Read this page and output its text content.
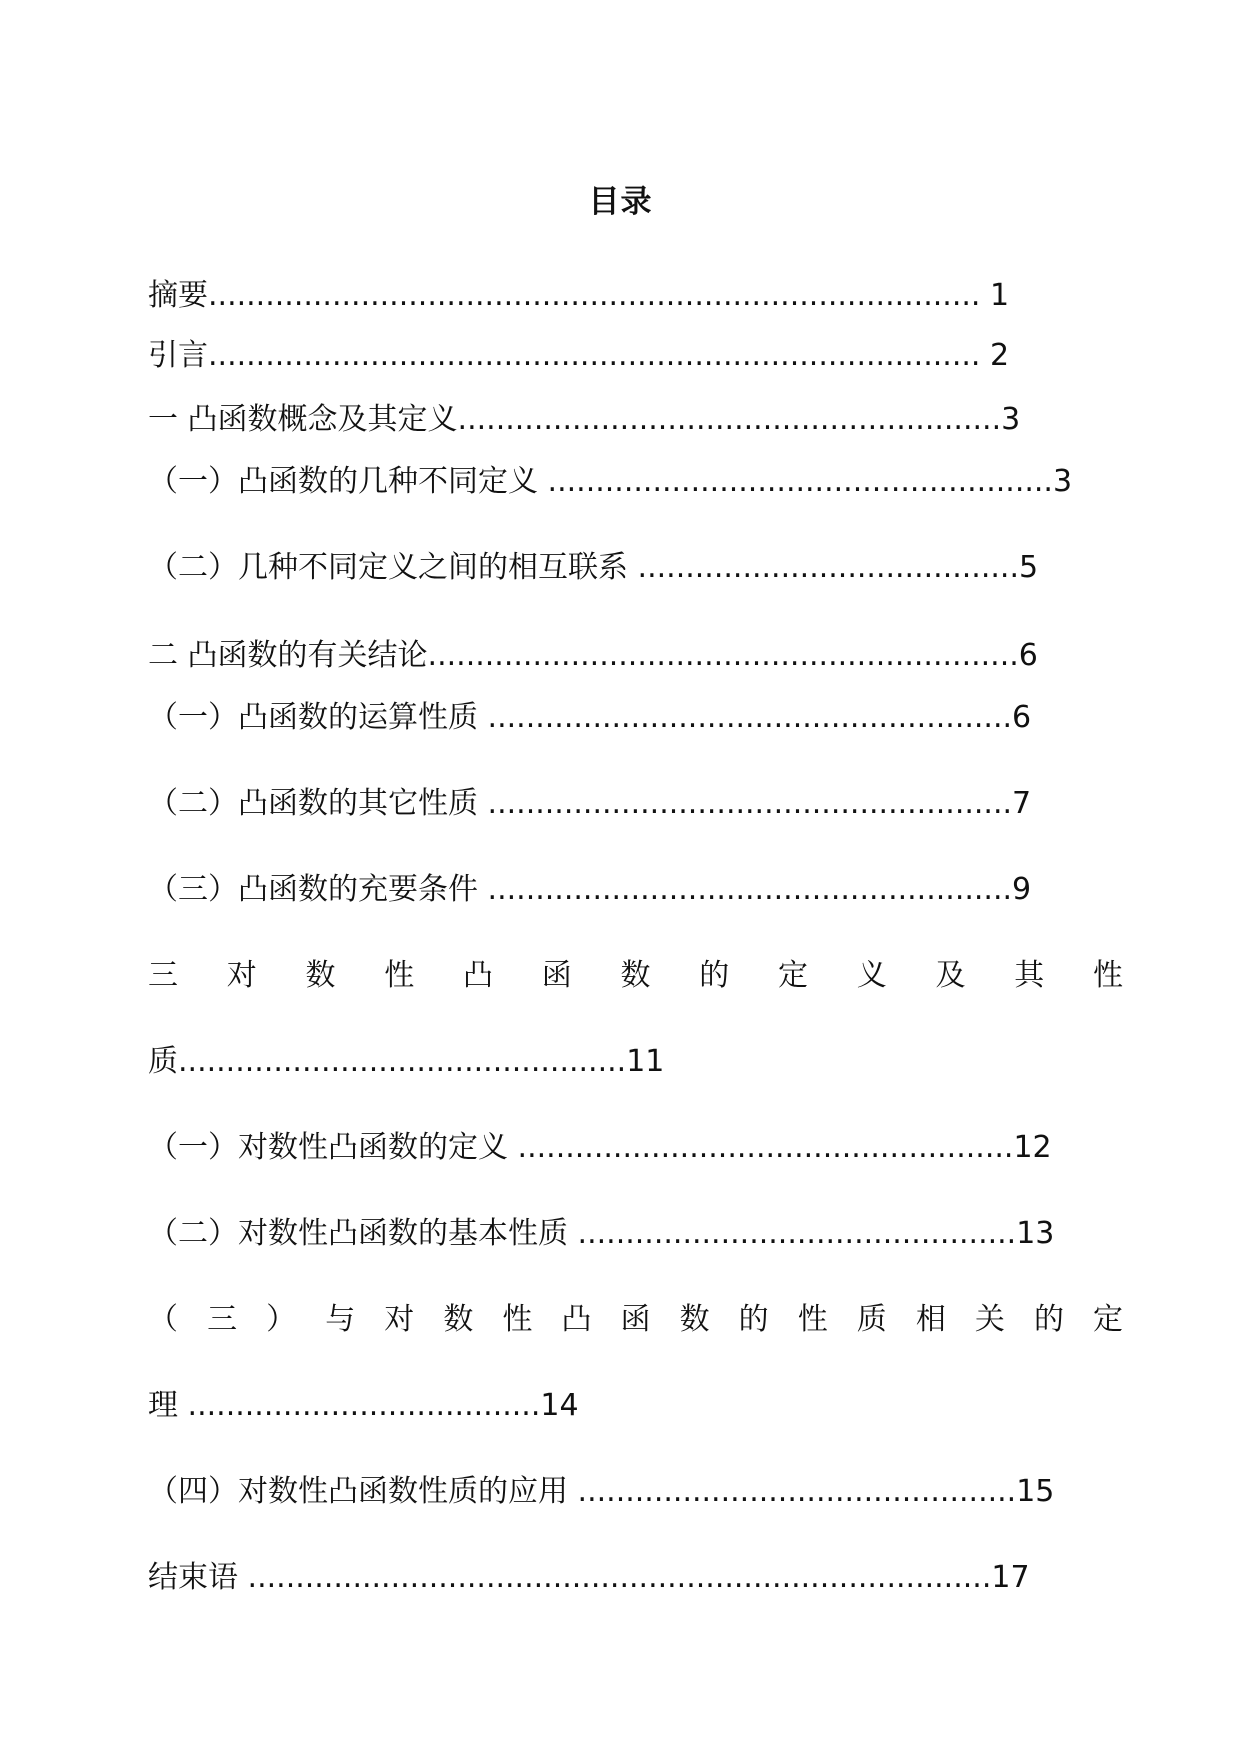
目录
摘要................................................................................. 1
引言................................................................................. 2
一 凸函数概念及其定义.........................................................3
（一）凸函数的几种不同定义 .....................................................3
（二）几种不同定义之间的相互联系 ........................................5
二 凸函数的有关结论..............................................................6
（一）凸函数的运算性质 .......................................................6
（二）凸函数的其它性质 .......................................................7
（三）凸函数的充要条件 .......................................................9
三 对 数 性 凸 函 数 的 定 义 及 其 性
质...............................................11
（一）对数性凸函数的定义 ....................................................12
（二）对数性凸函数的基本性质 ..............................................13
（ 三 ） 与 对 数 性 凸 函 数 的 性 质 相 关 的 定
理 .....................................14
（四）对数性凸函数性质的应用 ..............................................15
结束语 ..............................................................................17
